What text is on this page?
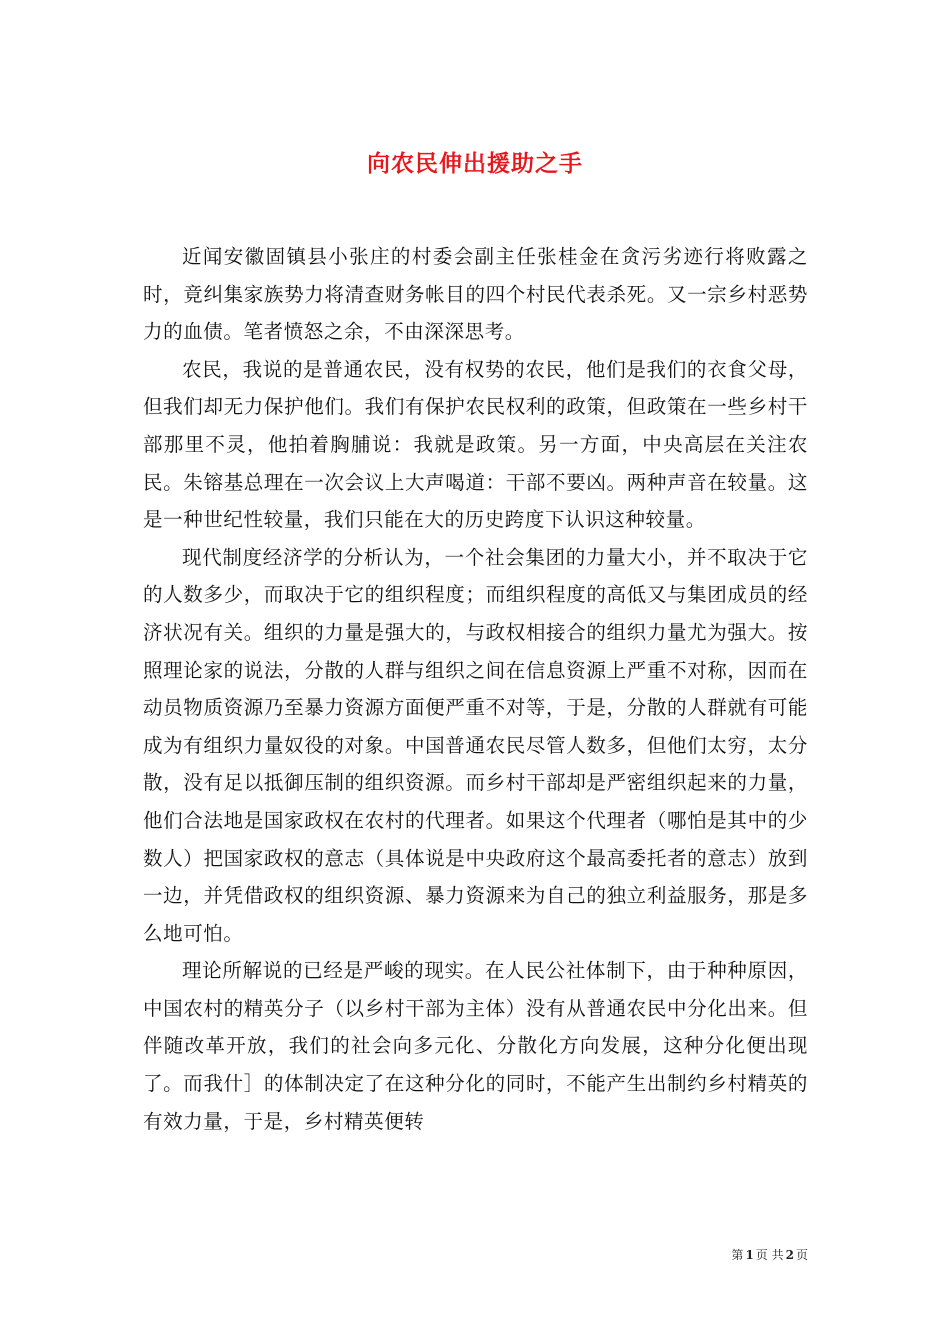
向农民伸出援助之手

近闻安徽固镇县小张庄的村委会副主任张桂金在贪污劣迹行将败露之时，竟纠集家族势力将清查财务帐目的四个村民代表杀死。又一宗乡村恶势力的血债。笔者愤怒之余，不由深深思考。

农民，我说的是普通农民，没有权势的农民，他们是我们的衣食父母，但我们却无力保护他们。我们有保护农民权利的政策，但政策在一些乡村干部那里不灵，他拍着胸脯说：我就是政策。另一方面，中央高层在关注农民。朱镕基总理在一次会议上大声喝道：干部不要凶。两种声音在较量。这是一种世纪性较量，我们只能在大的历史跨度下认识这种较量。

现代制度经济学的分析认为，一个社会集团的力量大小，并不取决于它的人数多少，而取决于它的组织程度；而组织程度的高低又与集团成员的经济状况有关。组织的力量是强大的，与政权相接合的组织力量尤为强大。按照理论家的说法，分散的人群与组织之间在信息资源上严重不对称，因而在动员物质资源乃至暴力资源方面便严重不对等，于是，分散的人群就有可能成为有组织力量奴役的对象。中国普通农民尽管人数多，但他们太穷，太分散，没有足以抵御压制的组织资源。而乡村干部却是严密组织起来的力量，他们合法地是国家政权在农村的代理者。如果这个代理者（哪怕是其中的少数人）把国家政权的意志（具体说是中央政府这个最高委托者的意志）放到一边，并凭借政权的组织资源、暴力资源来为自己的独立利益服务，那是多么地可怕。

理论所解说的已经是严峻的现实。在人民公社体制下，由于种种原因，中国农村的精英分子（以乡村干部为主体）没有从普通农民中分化出来。但伴随改革开放，我们的社会向多元化、分散化方向发展，这种分化便出现了。而我什］的体制决定了在这种分化的同时，不能产生出制约乡村精英的有效力量，于是，乡村精英便转

第 1 页 共 2 页
